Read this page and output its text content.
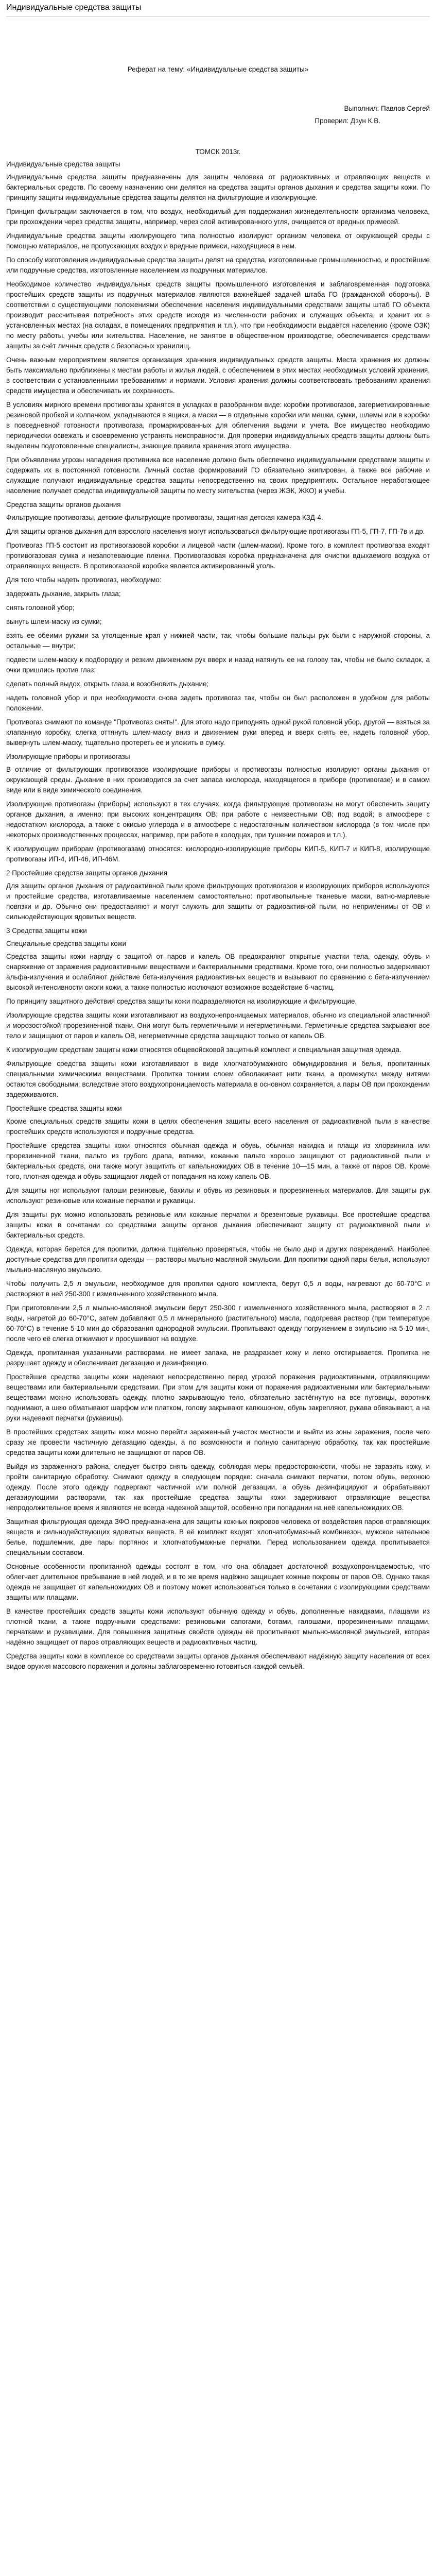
Индивидуальные средства защиты
Реферат на тему: «Индивидуальные средства защиты»
Выполнил: Павлов Сергей
Проверил: Дзун К.В.
ТОМСК 2013г.
Индивидуальные средства защиты
Индивидуальные средства защиты предназначены для защиты человека от радиоактивных и отравляющих веществ и бактериальных средств. По своему назначению они делятся на средства защиты органов дыхания и средства защиты кожи. По принципу защиты индивидуальные средства защиты делятся на фильтрующие и изолирующие.
Принцип фильтрации заключается в том, что воздух, необходимый для поддержания жизнедеятельности организма человека, при прохождении через средства защиты, например, через слой активированного угля, очищается от вредных примесей.
Индивидуальные средства защиты изолирующего типа полностью изолируют организм человека от окружающей среды с помощью материалов, не пропускающих воздух и вредные примеси, находящиеся в нем.
По способу изготовления индивидуальные средства защиты делят на средства, изготовленные промышленностью, и простейшие или подручные средства, изготовленные населением из подручных материалов.
Необходимое количество индивидуальных средств защиты промышленного изготовления и заблаговременная подготовка простейших средств защиты из подручных материалов являются важнейшей задачей штаба ГО (гражданской обороны). В соответствии с существующими положениями обеспечение населения индивидуальными средствами защиты штаб ГО объекта производит рассчитывая потребность этих средств исходя из численности рабочих и служащих объекта, и хранит их в установленных местах (на складах, в помещениях предприятия и т.п.), что при необходимости выдаётся населению (кроме ОЗК) по месту работы, учебы или жительства. Население, не занятое в общественном производстве, обеспечивается средствами защиты за счёт личных средств с безопасных хранилищ.
Очень важным мероприятием является организация хранения индивидуальных средств защиты. Места хранения их должны быть максимально приближены к местам работы и жилья людей, с обеспечением в этих местах необходимых условий хранения, в соответствии с установленными требованиями и нормами. Условия хранения должны соответствовать требованиям хранения средств имущества и обеспечивать их сохранность.
В условиях мирного времени противогазы хранятся в укладках в разобранном виде: коробки противогазов, загерметизированные резиновой пробкой и колпачком, укладываются в ящики, а маски — в отдельные коробки или мешки, сумки, шлемы или в коробки в повседневной готовности противогаза, промаркированных для облегчения выдачи и учета. Все имущество необходимо периодически освежать и своевременно устранять неисправности. Для проверки индивидуальных средств защиты должны быть выделены подготовленные специалисты, знающие правила хранения этого имущества.
При объявлении угрозы нападения противника все население должно быть обеспечено индивидуальными средствами защиты и содержать их в постоянной готовности. Личный состав формирований ГО обязательно экипирован, а также все рабочие и служащие получают индивидуальные средства защиты непосредственно на своих предприятиях. Остальное неработающее население получает средства индивидуальной защиты по месту жительства (через ЖЭК, ЖКО) и учебы.
Средства защиты органов дыхания
Фильтрующие противогазы, детские фильтрующие противогазы, защитная детская камера КЗД-4.
Для защиты органов дыхания для взрослого населения могут использоваться фильтрующие противогазы ГП-5, ГП-7, ГП-7в и др.
Противогаз ГП-5 состоит из противогазовой коробки и лицевой части (шлем-маски). Кроме того, в комплект противогаза входят противогазовая сумка и незапотевающие пленки. Противогазовая коробка предназначена для очистки вдыхаемого воздуха от отравляющих веществ. В противогазовой коробке является активированный уголь.
Для того чтобы надеть противогаз, необходимо:
задержать дыхание, закрыть глаза;
снять головной убор;
вынуть шлем-маску из сумки;
взять ее обеими руками за утолщенные края у нижней части, так, чтобы большие пальцы рук были с наружной стороны, а остальные — внутри;
подвести шлем-маску к подбородку и резким движением рук вверх и назад натянуть ее на голову так, чтобы не было складок, а очки пришлись против глаз;
сделать полный выдох, открыть глаза и возобновить дыхание;
надеть головной убор и при необходимости снова задеть противогаз так, чтобы он был расположен в удобном для работы положении.
Противогаз снимают по команде "Противогаз снять!". Для этого надо приподнять одной рукой головной убор, другой — взяться за клапанную коробку, слегка оттянуть шлем-маску вниз и движением руки вперед и вверх снять ее, надеть головной убор, вывернуть шлем-маску, тщательно протереть ее и уложить в сумку.
Изолирующие приборы и противогазы
В отличие от фильтрующих противогазов изолирующие приборы и противогазы полностью изолируют органы дыхания от окружающей среды. Дыхание в них производится за счет запаса кислорода, находящегося в приборе (противогазе) и в самом виде или в виде химического соединения.
Изолирующие противогазы (приборы) используют в тех случаях, когда фильтрующие противогазы не могут обеспечить защиту органов дыхания, а именно: при высоких концентрациях ОВ; при работе с неизвестными ОВ; под водой; в атмосфере с недостатком кислорода, а также с окисью углерода и в атмосфере с недостаточным количеством кислорода (в том числе при некоторых производственных процессах, например, при работе в колодцах, при тушении пожаров и т.п.).
К изолирующим приборам (противогазам) относятся: кислородно-изолирующие приборы КИП-5, КИП-7 и КИП-8, изолирующие противогазы ИП-4, ИП-46, ИП-46М.
2 Простейшие средства защиты органов дыхания
Для защиты органов дыхания от радиоактивной пыли кроме фильтрующих противогазов и изолирующих приборов используются и простейшие средства, изготавливаемые населением самостоятельно: противопыльные тканевые маски, ватно-марлевые повязки и др. Обычно они предоставляют и могут служить для защиты от радиоактивной пыли, но неприменимы от ОВ и сильнодействующих ядовитых веществ.
3 Средства защиты кожи
Специальные средства защиты кожи
Средства защиты кожи наряду с защитой от паров и капель ОВ предохраняют открытые участки тела, одежду, обувь и снаряжение от заражения радиоактивными веществами и бактериальными средствами. Кроме того, они полностью задерживают альфа-излучения и ослабляют действие бета-излучения радиоактивных веществ и вызывают по сравнению с бета-излучением высокой интенсивности ожоги кожи, а также полностью исключают возможное воздействие б-частиц.
По принципу защитного действия средства защиты кожи подразделяются на изолирующие и фильтрующие.
Изолирующие средства защиты кожи изготавливают из воздухонепроницаемых материалов, обычно из специальной эластичной и морозостойкой прорезиненной ткани. Они могут быть герметичными и негерметичными. Герметичные средства закрывают все тело и защищают от паров и капель ОВ, негерметичные средства защищают только от капель ОВ.
К изолирующим средствам защиты кожи относятся общевойсковой защитный комплект и специальная защитная одежда.
Фильтрующие средства защиты кожи изготавливают в виде хлопчатобумажного обмундирования и белья, пропитанных специальными химическими веществами. Пропитка тонким слоем обволакивает нити ткани, а промежутки между нитями остаются свободными; вследствие этого воздухопроницаемость материала в основном сохраняется, а пары ОВ при прохождении задерживаются.
Простейшие средства защиты кожи
Кроме специальных средств защиты кожи в целях обеспечения защиты всего населения от радиоактивной пыли в качестве простейших средств используются и подручные средства.
Простейшие средства защиты кожи относятся обычная одежда и обувь, обычная накидка и плащи из хлорвинила или прорезиненной ткани, пальто из грубого драпа, ватники, кожаные пальто хорошо защищают от радиоактивной пыли и бактериальных средств, они также могут защитить от капельножидких ОВ в течение 10—15 мин, а также от паров ОВ. Кроме того, плотная одежда и обувь защищают людей от попадания на кожу капель ОВ.
Для защиты ног используют галоши резиновые, бахилы и обувь из резиновых и прорезиненных материалов. Для защиты рук используют резиновые или кожаные перчатки и рукавицы.
Для защиты рук можно использовать резиновые или кожаные перчатки и брезентовые рукавицы. Все простейшие средства защиты кожи в сочетании со средствами защиты органов дыхания обеспечивают защиту от радиоактивной пыли и бактериальных средств.
Одежда, которая берется для пропитки, должна тщательно проверяться, чтобы не было дыр и других повреждений. Наиболее доступные средства для пропитки одежды — растворы мыльно-масляной эмульсии. Для пропитки одной пары белья, используют мыльно-масляную эмульсию.
Чтобы получить 2,5 л эмульсии, необходимое для пропитки одного комплекта, берут 0,5 л воды, нагревают до 60-70°С и растворяют в ней 250-300 г измельченного хозяйственного мыла.
При приготовлении 2,5 л мыльно-масляной эмульсии берут 250-300 г измельченного хозяйственного мыла, растворяют в 2 л воды, нагретой до 60-70°С, затем добавляют 0,5 л минерального (растительного) масла, подогревая раствор (при температуре 60-70°С) в течение 5-10 мин до образования однородной эмульсии. Пропитывают одежду погружением в эмульсию на 5-10 мин, после чего её слегка отжимают и просушивают на воздухе.
Одежда, пропитанная указанными растворами, не имеет запаха, не раздражает кожу и легко отстирывается. Пропитка не разрушает одежду и обеспечивает дегазацию и дезинфекцию.
Простейшие средства защиты кожи надевают непосредственно перед угрозой поражения радиоактивными, отравляющими веществами или бактериальными средствами. При этом для защиты кожи от поражения радиоактивными или бактериальными веществами можно использовать одежду, плотно закрывающую тело, обязательно застёгнутую на все пуговицы, воротник поднимают, а шею обматывают шарфом или платком, голову закрывают капюшоном, обувь закрепляют, рукава обвязывают, а на руки надевают перчатки (рукавицы).
В простейших средствах защиты кожи можно перейти зараженный участок местности и выйти из зоны заражения, после чего сразу же провести частичную дегазацию одежды, а по возможности и полную санитарную обработку, так как простейшие средства защиты кожи длительно не защищают от паров ОВ.
Выйдя из зараженного района, следует быстро снять одежду, соблюдая меры предосторожности, чтобы не заразить кожу, и пройти санитарную обработку. Снимают одежду в следующем порядке: сначала снимают перчатки, потом обувь, верхнюю одежду. После этого одежду подвергают частичной или полной дегазации, а обувь дезинфицируют и обрабатывают дегазирующими растворами, так как простейшие средства защиты кожи задерживают отравляющие вещества непродолжительное время и являются не всегда надежной защитой, особенно при попадании на неё капельножидких ОВ.
Защитная фильтрующая одежда ЗФО предназначена для защиты кожных покровов человека от воздействия паров отравляющих веществ и сильнодействующих ядовитых веществ. В её комплект входят: хлопчатобумажный комбинезон, мужское нательное белье, подшлемник, две пары портянок и хлопчатобумажные перчатки. Перед использованием одежда пропитывается специальным составом.
Основные особенности пропитанной одежды состоят в том, что она обладает достаточной воздухопроницаемостью, что облегчает длительное пребывание в ней людей, и в то же время надёжно защищает кожные покровы от паров ОВ. Однако такая одежда не защищает от капельножидких ОВ и поэтому может использоваться только в сочетании с изолирующими средствами защиты или плащами.
В качестве простейших средств защиты кожи используют обычную одежду и обувь, дополненные накидками, плащами из плотной ткани, а также подручными средствами: резиновыми сапогами, ботами, галошами, прорезиненными плащами, перчатками и рукавицами. Для повышения защитных свойств одежды её пропитывают мыльно-масляной эмульсией, которая надёжно защищает от паров отравляющих веществ и радиоактивных частиц.
Средства защиты кожи в комплексе со средствами защиты органов дыхания обеспечивают надёжную защиту населения от всех видов оружия массового поражения и должны заблаговременно готовиться каждой семьёй.
